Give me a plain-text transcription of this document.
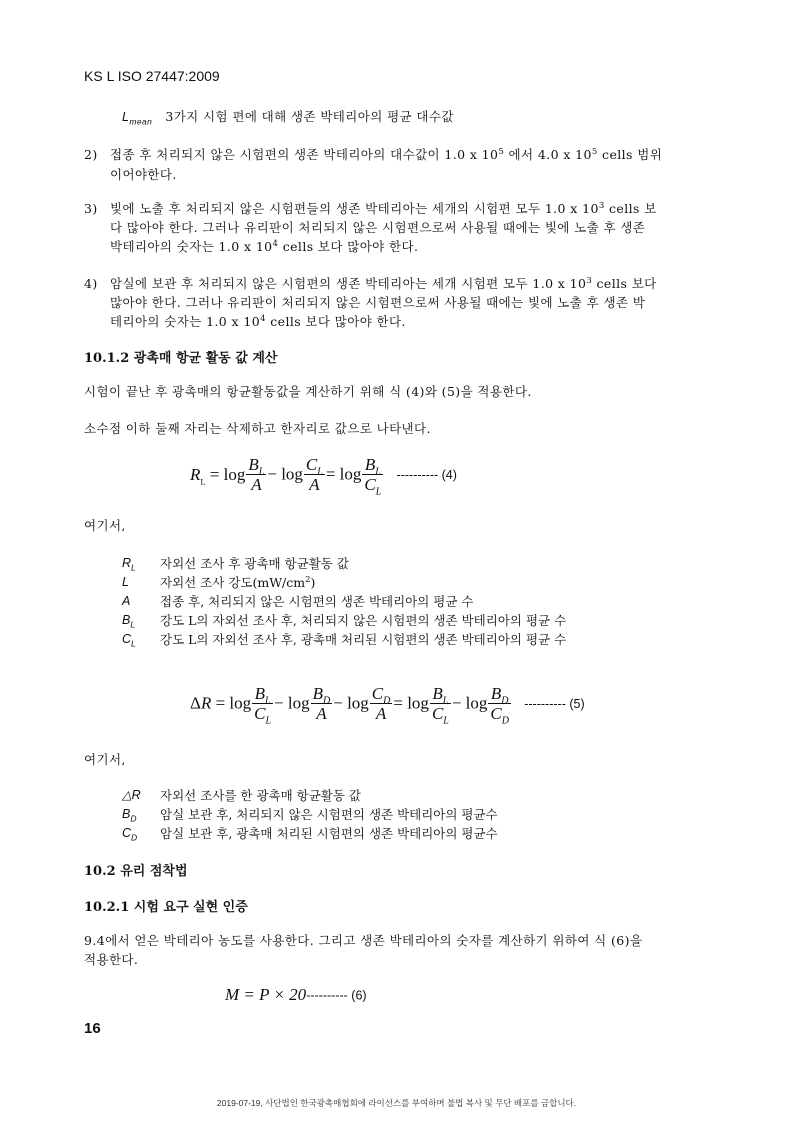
KS L ISO 27447:2009
$L_{mean}$ 3가지 시험 편에 대해 생존 박테리아의 평균 대수값
2) 접종 후 처리되지 않은 시험편의 생존 박테리아의 대수값이 1.0 x $10^5$ 에서 4.0 x $10^5$ cells 범위
이어야한다.
3) 빛에 노출 후 처리되지 않은 시험편들의 생존 박테리아는 세개의 시험편 모두 1.0 x $10^3$ cells 보
다 많아야 한다. 그러나 유리판이 처리되지 않은 시험편으로써 사용될 때에는 빛에 노출 후 생존
박테리아의 숫자는 1.0 x $10^4$ cells 보다 많아야 한다.
4) 암실에 보관 후 처리되지 않은 시험편의 생존 박테리아는 세개 시험편 모두 1.0 x $10^3$ cells 보다
많아야 한다. 그러나 유리판이 처리되지 않은 시험편으로써 사용될 때에는 빛에 노출 후 생존 박
테리아의 숫자는 1.0 x $10^4$ cells 보다 많아야 한다.
10.1.2 광촉매 항균 활동 값 계산
시험이 끝난 후 광촉매의 항균활동값을 계산하기 위해 식 (4)와 (5)을 적용한다.
소수점 이하 둘째 자리는 삭제하고 한자리로 값으로 나타낸다.
$R_L = \log \frac{B_L}{A} - \log \frac{C_L}{A} = \log \frac{B_L}{C_L}$ ---------- (4)
여기서,
$R_L$ 자외선 조사 후 광촉매 항균활동 값
L 자외선 조사 강도$(mW/cm^2)$
A 접종 후, 처리되지 않은 시험편의 생존 박테리아의 평균 수
$B_L$ 강도 L의 자외선 조사 후, 처리되지 않은 시험편의 생존 박테리아의 평균 수
$C_L$ 강도 L의 자외선 조사 후, 광촉매 처리된 시험편의 생존 박테리아의 평균 수
$\Delta R = \log \frac{B_L}{C_L} - \log \frac{B_D}{A} - \log \frac{C_D}{A} = \log \frac{B_L}{C_L} - \log \frac{B_D}{C_D}$ ---------- (5)
여기서,
△R 자외선 조사를 한 광촉매 항균활동 값
$B_D$ 암실 보관 후, 처리되지 않은 시험편의 생존 박테리아의 평균수
$C_D$ 암실 보관 후, 광촉매 처리된 시험편의 생존 박테리아의 평균수
10.2 유리 점착법
10.2.1 시험 요구 실현 인증
9.4에서 얻은 박테리아 농도를 사용한다. 그리고 생존 박테리아의 숫자를 계산하기 위하여 식 (6)을
적용한다.
M = P × 20---------- (6)
16
2019-07-19, 사단법인 한국광촉매협회에 라이선스를 부여하며 불법 복사 및 무단 배포를 금합니다.
